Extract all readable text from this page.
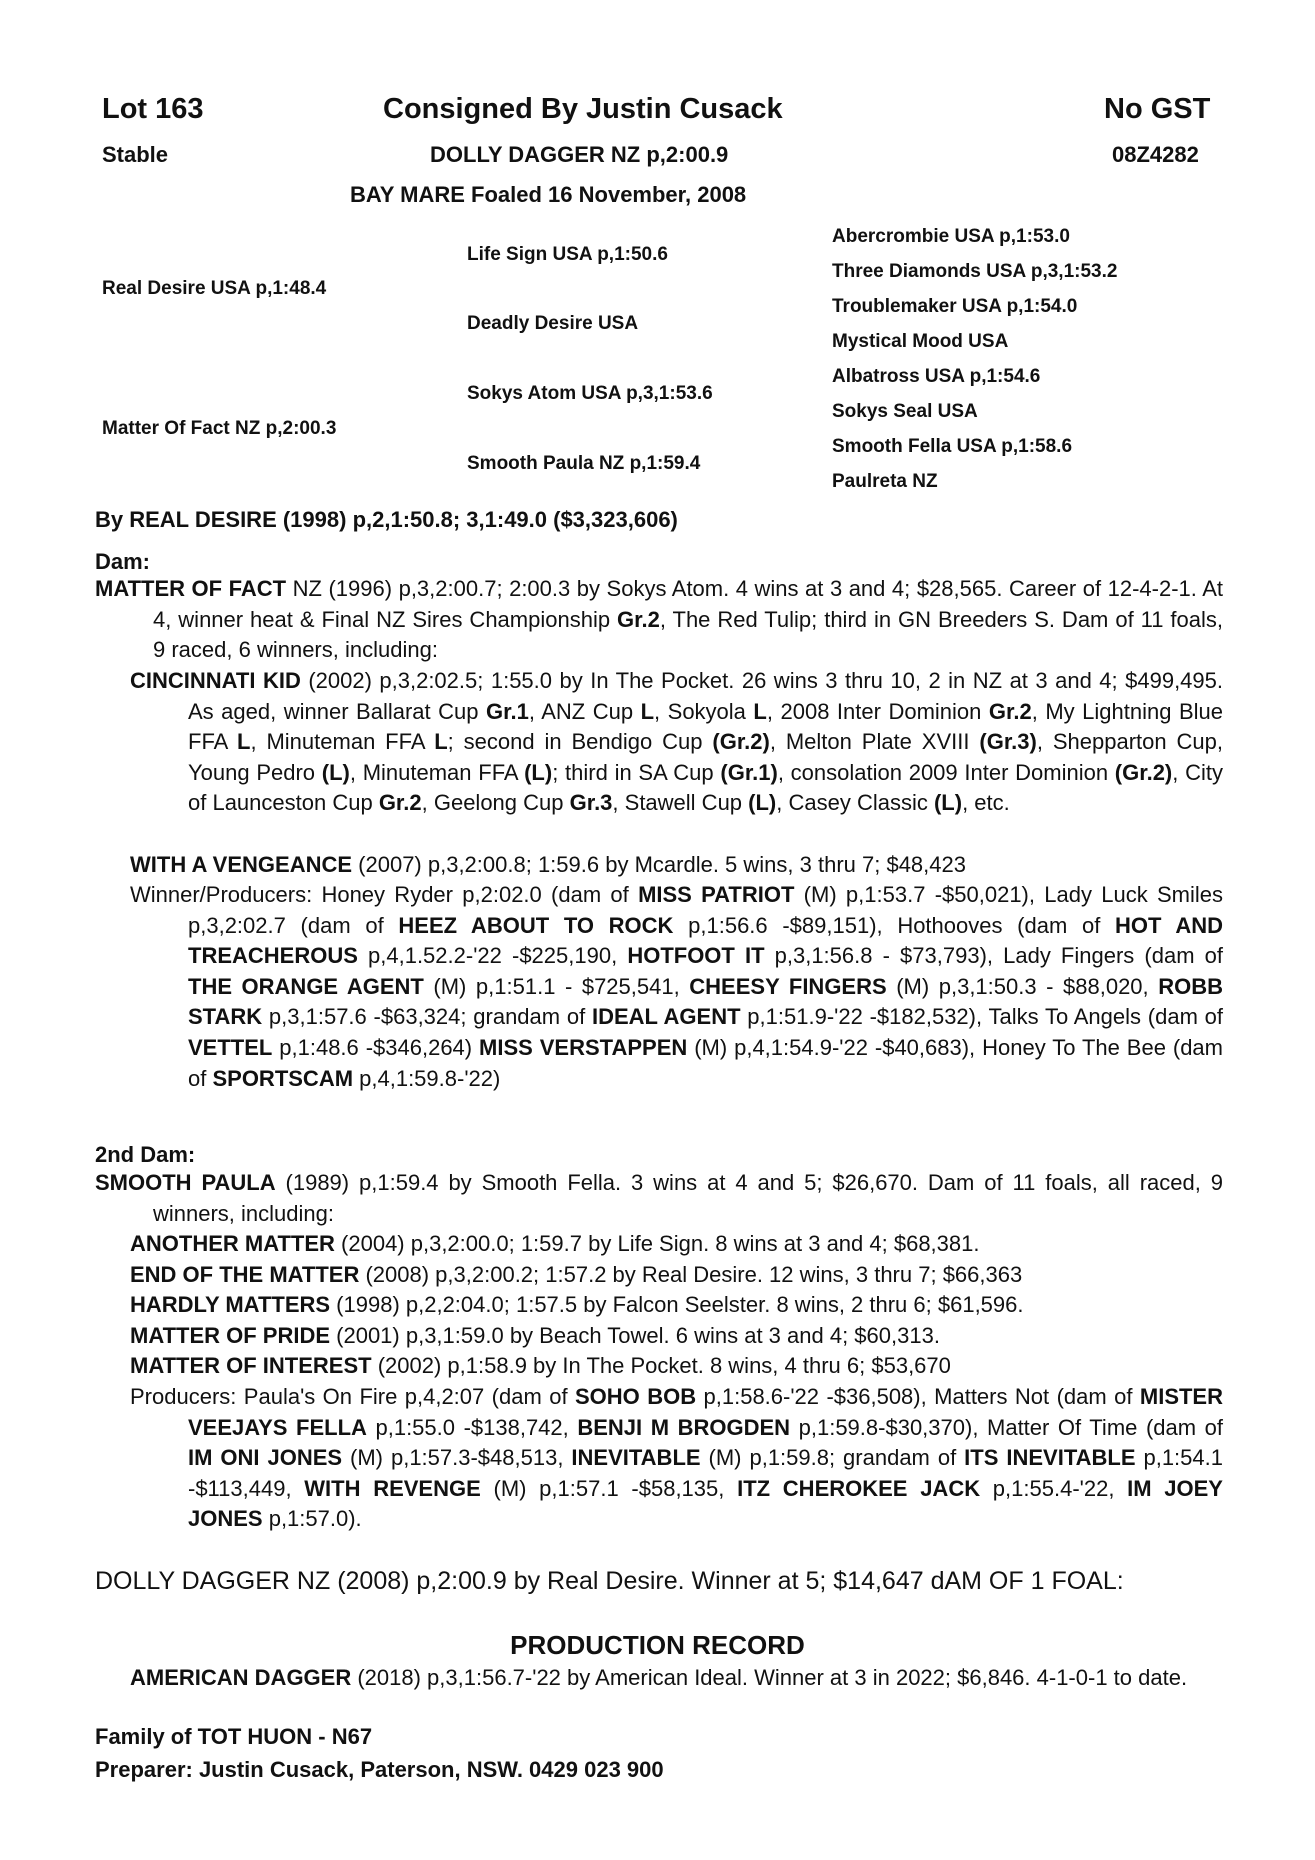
Lot 163	Consigned By Justin Cusack	No GST
Stable	DOLLY DAGGER NZ p,2:00.9	08Z4282
BAY MARE Foaled 16 November, 2008
Real Desire USA p,1:48.4
Matter Of Fact NZ p,2:00.3
Life Sign USA p,1:50.6
Deadly Desire USA
Sokys Atom USA p,3,1:53.6
Smooth Paula NZ p,1:59.4
Abercrombie USA p,1:53.0
Three Diamonds USA p,3,1:53.2
Troublemaker USA p,1:54.0
Mystical Mood USA
Albatross USA p,1:54.6
Sokys Seal USA
Smooth Fella USA p,1:58.6
Paulreta NZ
By REAL DESIRE (1998) p,2,1:50.8; 3,1:49.0 ($3,323,606)
Dam:
MATTER OF FACT NZ (1996) p,3,2:00.7; 2:00.3 by Sokys Atom. 4 wins at 3 and 4; $28,565. Career of 12-4-2-1. At 4, winner heat & Final NZ Sires Championship Gr.2, The Red Tulip; third in GN Breeders S. Dam of 11 foals, 9 raced, 6 winners, including:
CINCINNATI KID (2002) p,3,2:02.5; 1:55.0 by In The Pocket. 26 wins 3 thru 10, 2 in NZ at 3 and 4; $499,495. As aged, winner Ballarat Cup Gr.1, ANZ Cup L, Sokyola L, 2008 Inter Dominion Gr.2, My Lightning Blue FFA L, Minuteman FFA L; second in Bendigo Cup (Gr.2), Melton Plate XVIII (Gr.3), Shepparton Cup, Young Pedro (L), Minuteman FFA (L); third in SA Cup (Gr.1), consolation 2009 Inter Dominion (Gr.2), City of Launceston Cup Gr.2, Geelong Cup Gr.3, Stawell Cup (L), Casey Classic (L), etc.
WITH A VENGEANCE (2007) p,3,2:00.8; 1:59.6 by Mcardle. 5 wins, 3 thru 7; $48,423
Winner/Producers: Honey Ryder p,2:02.0 (dam of MISS PATRIOT (M) p,1:53.7 -$50,021), Lady Luck Smiles p,3,2:02.7 (dam of HEEZ ABOUT TO ROCK p,1:56.6 -$89,151), Hothooves (dam of HOT AND TREACHEROUS p,4,1.52.2-'22 -$225,190, HOTFOOT IT p,3,1:56.8 - $73,793), Lady Fingers (dam of THE ORANGE AGENT (M) p,1:51.1 - $725,541, CHEESY FINGERS (M) p,3,1:50.3 - $88,020, ROBB STARK p,3,1:57.6 -$63,324; grandam of IDEAL AGENT p,1:51.9-'22 -$182,532), Talks To Angels (dam of VETTEL p,1:48.6 -$346,264) MISS VERSTAPPEN (M) p,4,1:54.9-'22 -$40,683), Honey To The Bee (dam of SPORTSCAM p,4,1:59.8-'22)
2nd Dam:
SMOOTH PAULA (1989) p,1:59.4 by Smooth Fella. 3 wins at 4 and 5; $26,670. Dam of 11 foals, all raced, 9 winners, including:
ANOTHER MATTER (2004) p,3,2:00.0; 1:59.7 by Life Sign. 8 wins at 3 and 4; $68,381.
END OF THE MATTER (2008) p,3,2:00.2; 1:57.2 by Real Desire. 12 wins, 3 thru 7; $66,363
HARDLY MATTERS (1998) p,2,2:04.0; 1:57.5 by Falcon Seelster. 8 wins, 2 thru 6; $61,596.
MATTER OF PRIDE (2001) p,3,1:59.0 by Beach Towel. 6 wins at 3 and 4; $60,313.
MATTER OF INTEREST (2002) p,1:58.9 by In The Pocket. 8 wins, 4 thru 6; $53,670
Producers: Paula's On Fire p,4,2:07 (dam of SOHO BOB p,1:58.6-'22 -$36,508), Matters Not (dam of MISTER VEEJAYS FELLA p,1:55.0 -$138,742, BENJI M BROGDEN p,1:59.8-$30,370), Matter Of Time (dam of IM ONI JONES (M) p,1:57.3-$48,513, INEVITABLE (M) p,1:59.8; grandam of ITS INEVITABLE p,1:54.1 -$113,449, WITH REVENGE (M) p,1:57.1 -$58,135, ITZ CHEROKEE JACK p,1:55.4-'22, IM JOEY JONES p,1:57.0).
DOLLY DAGGER NZ (2008) p,2:00.9 by Real Desire. Winner at 5; $14,647 dAM OF 1 FOAL:
PRODUCTION RECORD
AMERICAN DAGGER (2018) p,3,1:56.7-'22 by American Ideal. Winner at 3 in 2022; $6,846. 4-1-0-1 to date.
Family of TOT HUON - N67
Preparer: Justin Cusack, Paterson, NSW. 0429 023 900
